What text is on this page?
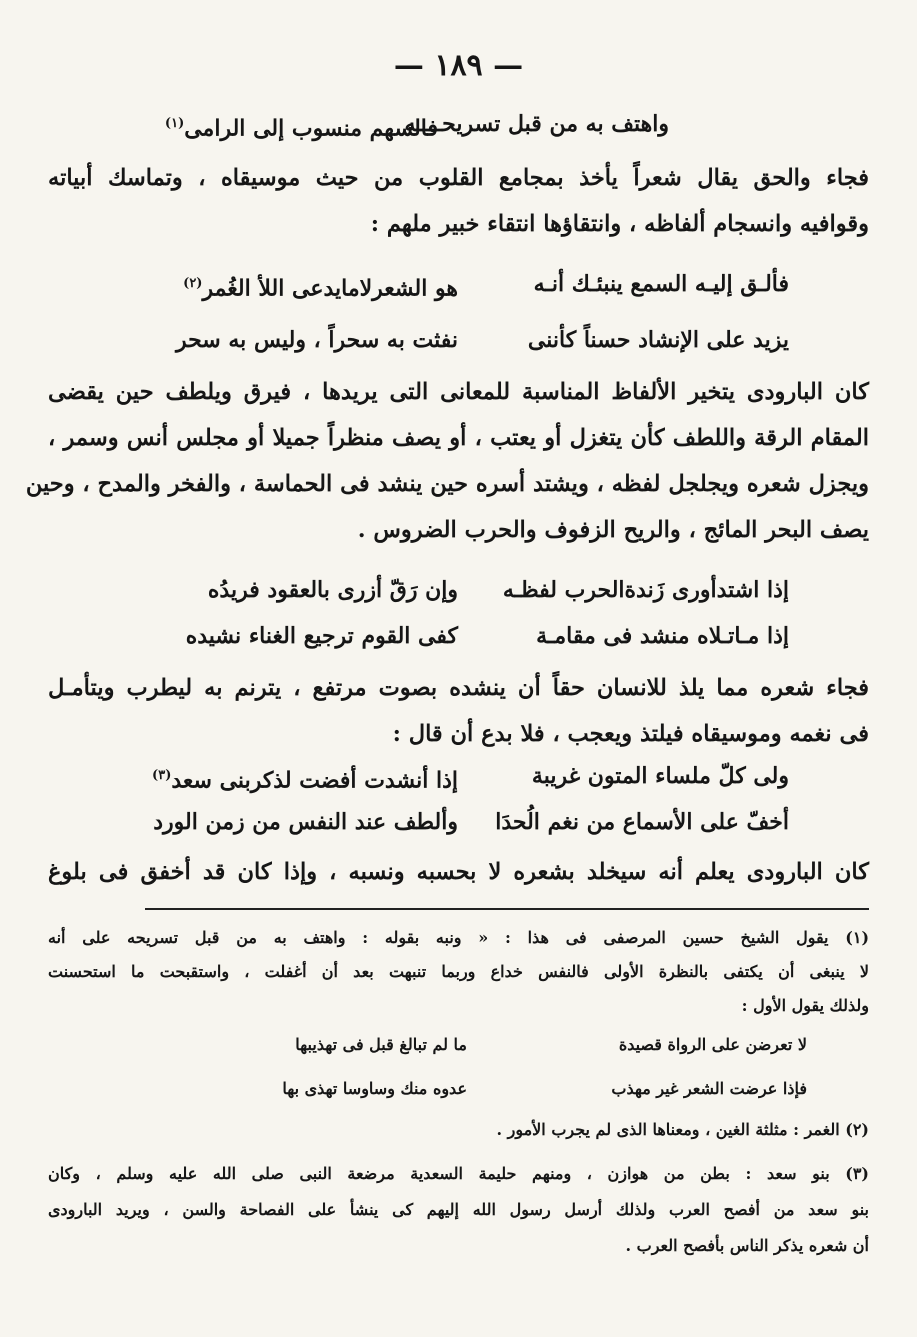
— ١٨٩ —
واهتف به من قبل تسريحــــه
فالسهم منسوب إلى الرامى$^{(١)}$
فجاء والحق يقال شعراً يأخذ بمجامع القلوب من حيث موسيقاه ، وتماسك أبياته
وقوافيه وانسجام ألفاظه ، وانتقاؤها انتقاء خبير ملهم :
فألـق إليـه السمع ينبئـك أنـه
هو الشعرلامايدعى اللأ الغُمر$^{(٢)}$
يزيد على الإنشاد حسناً كأننى
نفثت به سحراً ، وليس به سحر
كان البارودى يتخير الألفاظ المناسبة للمعانى التى يريدها ، فيرق ويلطف حين يقضى
المقام الرقة واللطف كأن يتغزل أو يعتب ، أو يصف منظراً جميلا أو مجلس أنس وسمر ،
ويجزل شعره ويجلجل لفظه ، ويشتد أسره حين ينشد فى الحماسة ، والفخر والمدح ، وحين
يصف البحر المائج ، والريح الزفوف والحرب الضروس .
إذا اشتدأورى زَندةالحرب لفظـه
وإن رَقّ أزرى بالعقود فريدُه
إذا مـاتـلاه منشد فى مقامـة
كفى القوم ترجيع الغناء نشيده
فجاء شعره مما يلذ للانسان حقاً أن ينشده بصوت مرتفع ، يترنم به ليطرب ويتأمـل
فى نغمه وموسيقاه فيلتذ ويعجب ، فلا بدع أن قال :
ولى كلّ ملساء المتون غريبة
إذا أنشدت أفضت لذكربنى سعد$^{(٣)}$
أخفّ على الأسماع من نغم الُحدَا
وألطف عند النفس من زمن الورد
كان البارودى يعلم أنه سيخلد بشعره لا بحسبه ونسبه ، وإذا كان قد أخفق فى بلوغ
(١) يقول الشيخ حسين المرصفى فى هذا : « ونبه بقوله : واهتف به من قبل تسريحه على أنه
لا ينبغى أن يكتفى بالنظرة الأولى فالنفس خداع وربما تنبهت بعد أن أغفلت ، واستقبحت ما استحسنت
ولذلك يقول الأول :
لا تعرضن على الرواة قصيدة
ما لم تبالغ قبل فى تهذيبها
فإذا عرضت الشعر غير مهذب
عدوه منك وساوسا تهذى بها
(٢) الغمر : مثلثة الغين ، ومعناها الذى لم يجرب الأمور .
(٣) بنو سعد : بطن من هوازن ، ومنهم حليمة السعدية مرضعة النبى صلى الله عليه وسلم ، وكان
بنو سعد من أفصح العرب ولذلك أرسل رسول الله إليهم كى ينشأ على الفصاحة والسن ، ويريد البارودى
أن شعره يذكر الناس بأفصح العرب .
